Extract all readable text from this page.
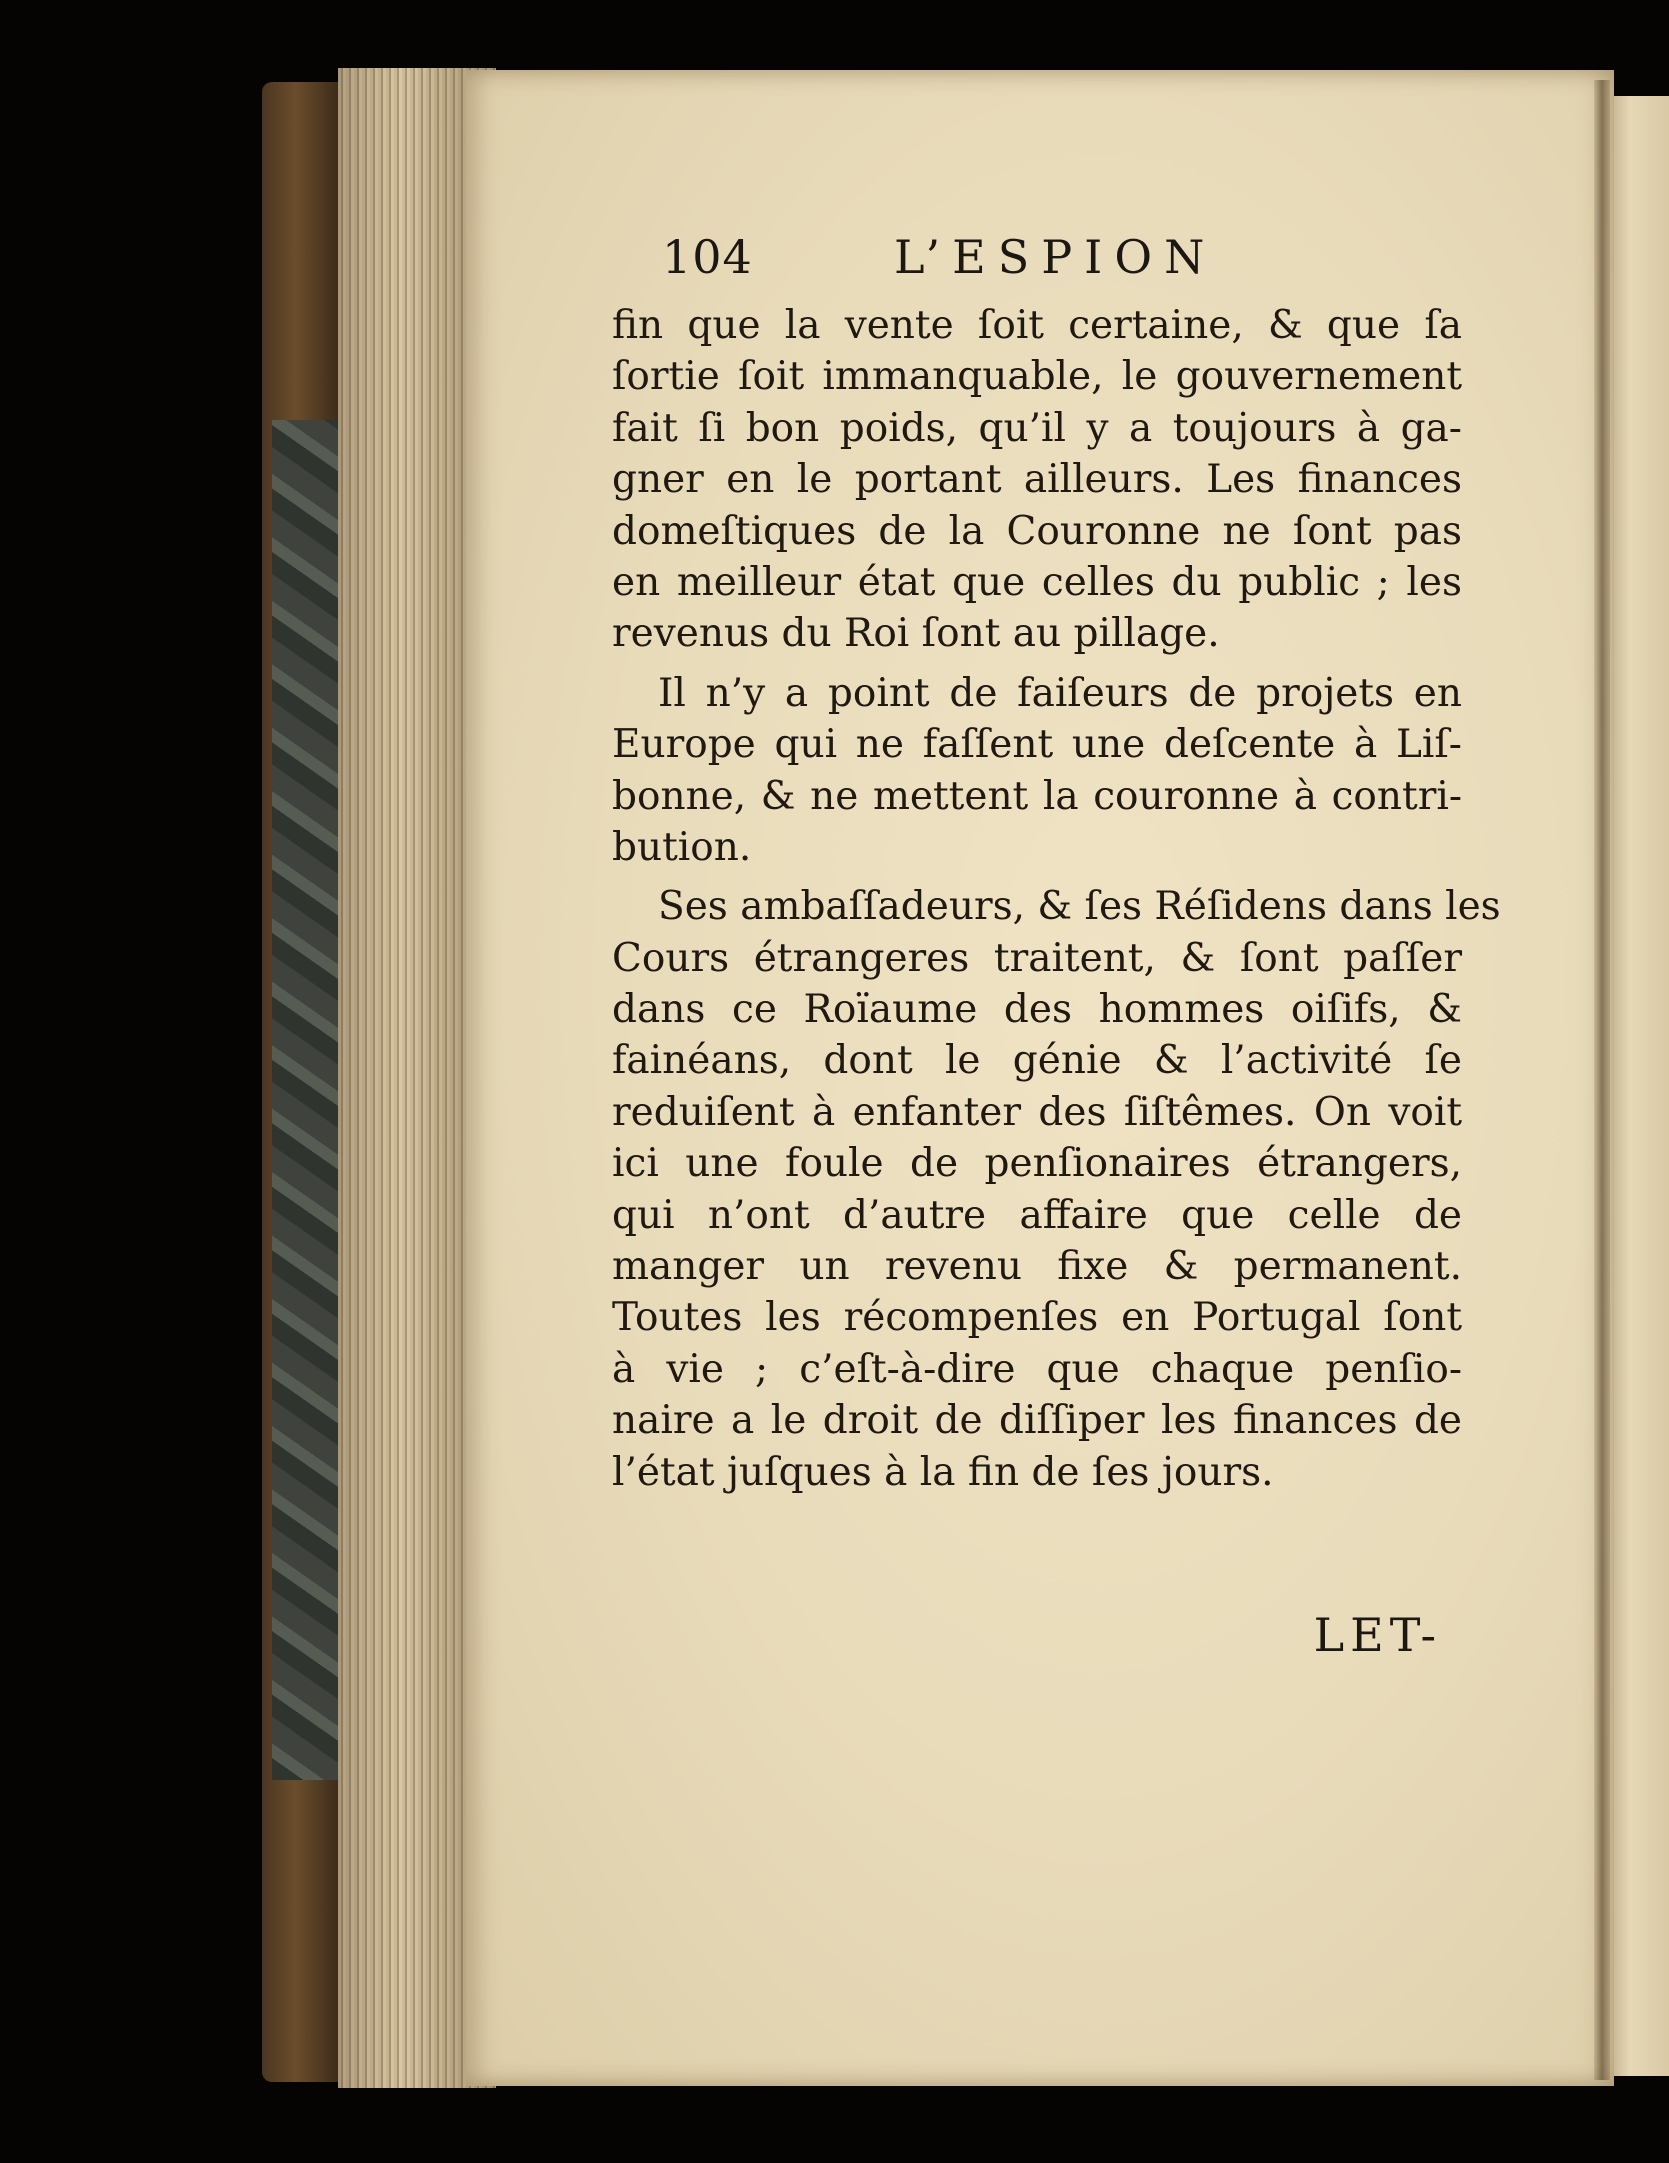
104	L’ESPION
fin que la vente ſoit certaine, & que ſa
ſortie ſoit immanquable, le gouvernement
fait ſi bon poids, qu’il y a toujours à ga-
gner en le portant ailleurs. Les finances
domeſtiques de la Couronne ne ſont pas
en meilleur état que celles du public ; les
revenus du Roi ſont au pillage.
Il n’y a point de faiſeurs de projets en
Europe qui ne faſſent une deſcente à Liſ-
bonne, & ne mettent la couronne à contri-
bution.
Ses ambaſſadeurs, & ſes Réſidens dans les
Cours étrangeres traitent, & ſont paſſer
dans ce Roïaume des hommes oiſifs, &
fainéans, dont le génie & l’activité ſe
reduiſent à enfanter des ſiſtêmes. On voit
ici une foule de penſionaires étrangers,
qui n’ont d’autre affaire que celle de
manger un revenu fixe & permanent.
Toutes les récompenſes en Portugal ſont
à vie ; c’eſt-à-dire que chaque penſio-
naire a le droit de diſſiper les finances de
l’état juſques à la fin de ſes jours.
LET-
